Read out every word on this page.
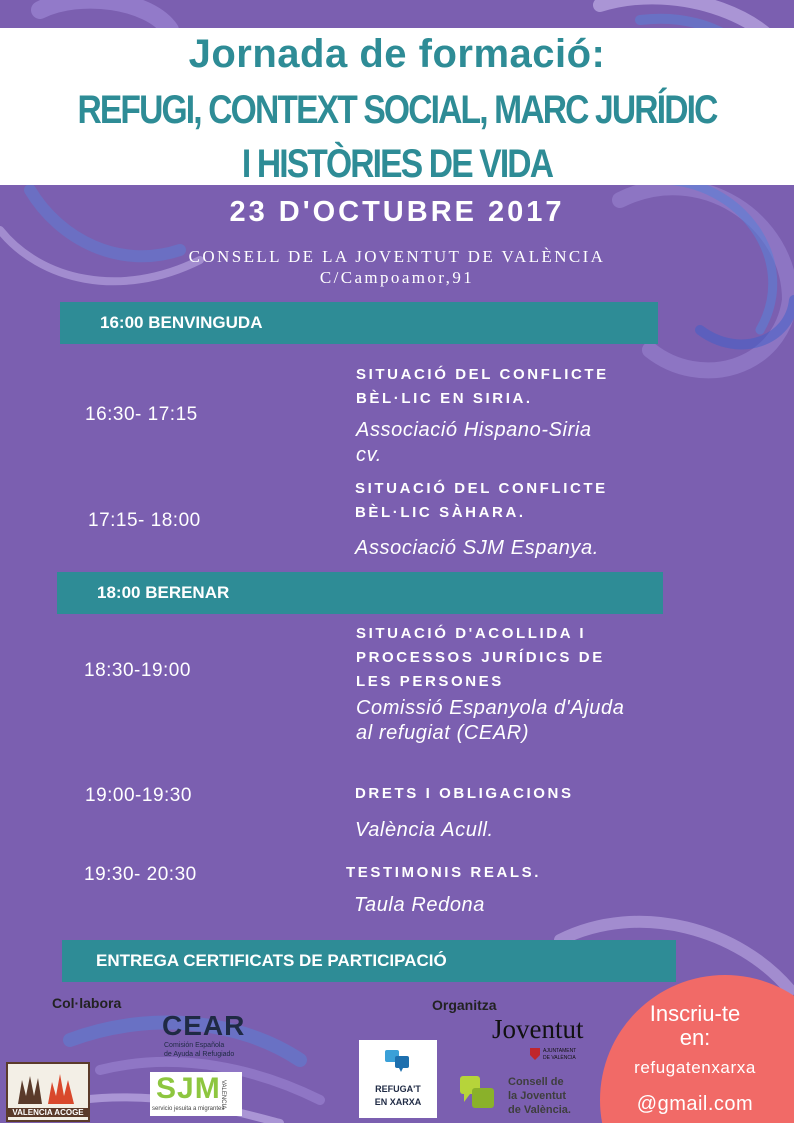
Jornada de formació:
REFUGI, CONTEXT SOCIAL, MARC JURÍDIC
I HISTÒRIES DE VIDA
23 D'OCTUBRE 2017
CONSELL DE LA JOVENTUT DE VALÈNCIA
C/Campoamor,91
16:00 BENVINGUDA
16:30- 17:15
SITUACIÓ DEL CONFLICTE
BÈL·LIC EN SIRIA.
Associació Hispano-Siria
cv.
17:15- 18:00
SITUACIÓ DEL CONFLICTE
BÈL·LIC SÀHARA.
Associació SJM Espanya.
18:00 BERENAR
18:30-19:00
SITUACIÓ D'ACOLLIDA I
PROCESSOS JURÍDICS DE
LES PERSONES
Comissió Espanyola d'Ajuda
al refugiat (CEAR)
19:00-19:30	DRETS I OBLIGACIONS
València Acull.
19:30- 20:30	TESTIMONIS REALS.
Taula Redona
ENTREGA CERTIFICATS DE PARTICIPACIÓ
Col·labora	Organitza
CEAR
Comisión Española
de Ayuda al Refugiado
VALENCIA ACOGE
SJM
servicio jesuita a migrantes
VALENCIA	REFUGA'T
EN XARXA
Joventut
AJUNTAMENT
DE VALÈNCIA
Consell de
la Joventut
de València.
Inscriu-te
en:
refugatenxarxa
@gmail.com
